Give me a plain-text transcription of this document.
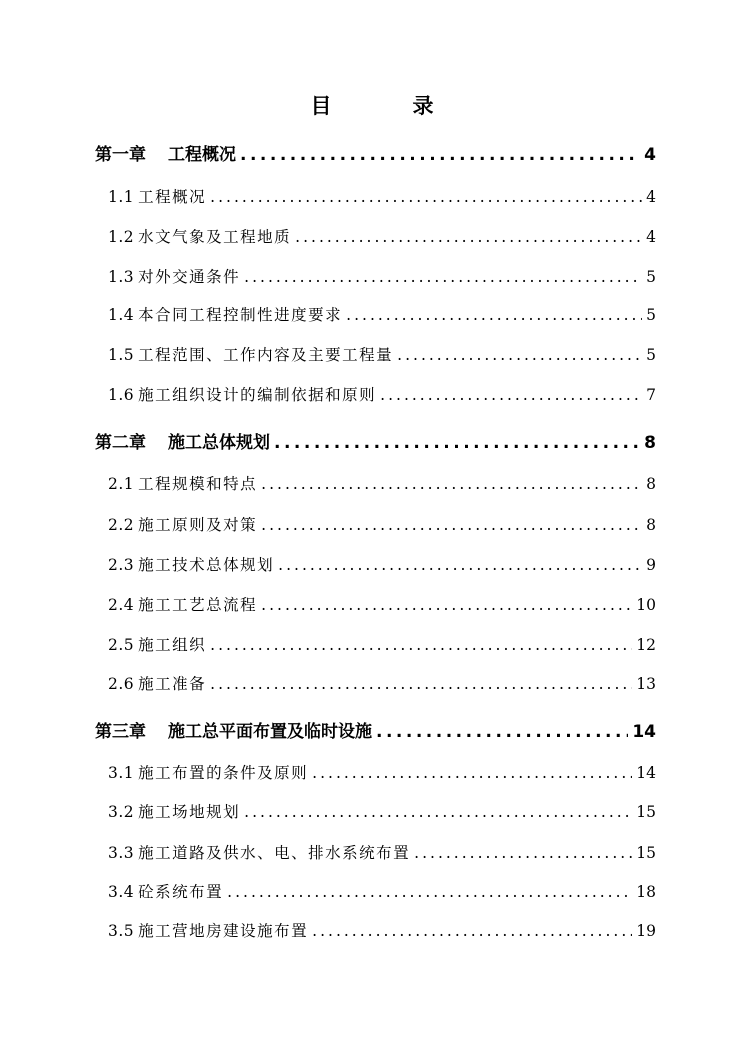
目　录
第一章 工程概况 .....	4
1.1 工程概况 .....	4
1.2 水文气象及工程地质 .....	4
1.3 对外交通条件 .....	5
1.4 本合同工程控制性进度要求 .....	5
1.5 工程范围、工作内容及主要工程量 .....	5
1.6 施工组织设计的编制依据和原则 .....	7
第二章 施工总体规划 .....	8
2.1 工程规模和特点 .....	8
2.2 施工原则及对策 .....	8
2.3 施工技术总体规划 .....	9
2.4 施工工艺总流程 .....	10
2.5 施工组织 .....	12
2.6 施工准备 .....	13
第三章 施工总平面布置及临时设施 .....	14
3.1 施工布置的条件及原则 .....	14
3.2 施工场地规划 .....	15
3.3 施工道路及供水、电、排水系统布置 .....	15
3.4 砼系统布置 .....	18
3.5 施工营地房建设施布置 .....	19
